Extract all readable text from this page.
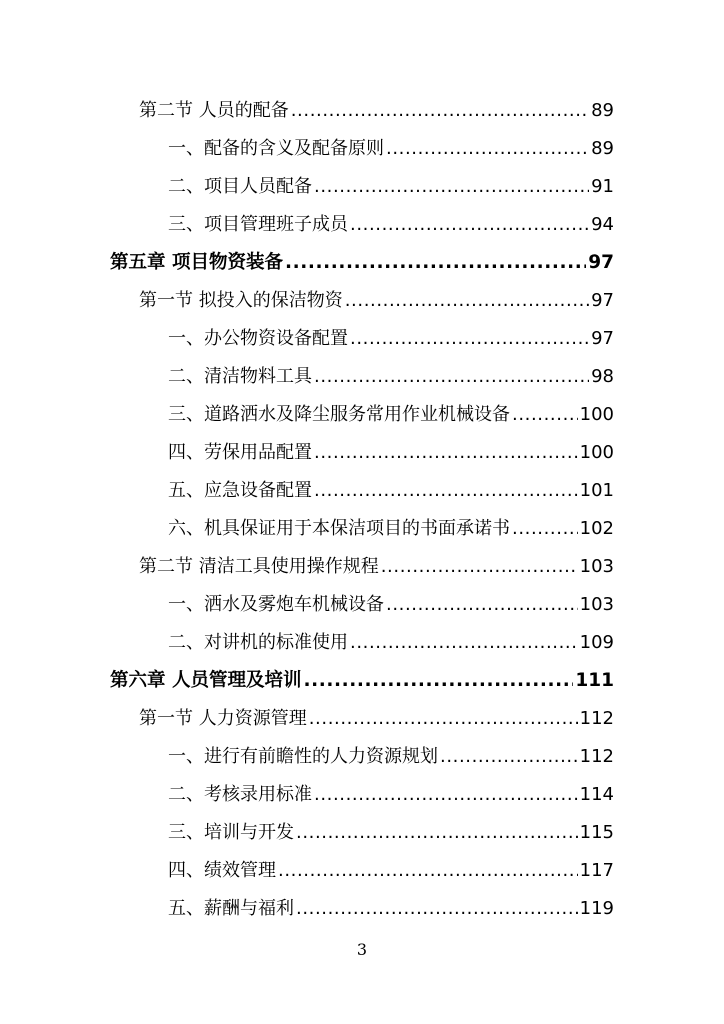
第二节 人员的配备 .....	89
一、配备的含义及配备原则 .....	89
二、项目人员配备 .....	91
三、项目管理班子成员 .....	94
第五章 项目物资装备 .....	97
第一节 拟投入的保洁物资 .....	97
一、办公物资设备配置 .....	97
二、清洁物料工具 .....	98
三、道路洒水及降尘服务常用作业机械设备 .....	100
四、劳保用品配置 .....	100
五、应急设备配置 .....	101
六、机具保证用于本保洁项目的书面承诺书 .....	102
第二节 清洁工具使用操作规程 .....	103
一、洒水及雾炮车机械设备 .....	103
二、对讲机的标准使用 .....	109
第六章 人员管理及培训 .....	111
第一节 人力资源管理 .....	112
一、进行有前瞻性的人力资源规划 .....	112
二、考核录用标准 .....	114
三、培训与开发 .....	115
四、绩效管理 .....	117
五、薪酬与福利 .....	119
3
